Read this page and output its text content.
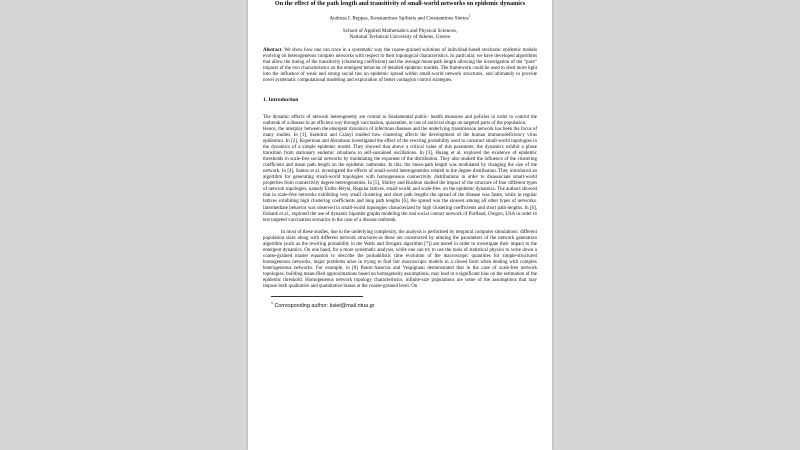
On the effect of the path length and transitivity of small-world networks on epidemic dynamics
Andreas I. Reppas, Konstantinos Spiliotis and Constantinos Siettos$^1$
School of Applied Mathematics and Physical Sciences,
National Technical University of Athens, Greece
Abstract. We show how one can trace in a systematic way the coarse-grained solutions of individual-based stochastic epidemic models evolving on heterogeneous complex networks with respect to their topological characteristics. In particular, we have developed algorithms that allow the tuning of the transitivity (clustering coefficient) and the average mean-path length allowing the investigation of the “pure” impacts of the two characteristics on the emergent behavior of detailed epidemic models. The framework could be used to shed more light into the influence of weak and strong social ties on epidemic spread within small-world network structures, and ultimately to provide novel systematic computational modeling and exploration of better contagion control strategies.
1. Introduction

The dynamic effects of network heterogeneity are central to fundamental public- health measures and policies in order to control the outbreak of a disease in an efficient way through vaccination, quarantine, or use of antiviral drugs on targeted parts of the population.

Hence, the interplay between the emergent dynamics of infectious diseases and the underlying transmission network has been the focus of many studies. In [1], Szendroi and Csányi studied how clustering affects the development of the human immunodeficiency virus epidemics. In [2], Kuperman and Abramson investigated the effect of the rewiring probability used to construct small-world topologies in the dynamics of a simple epidemic model. They showed that above a critical value of this parameter, the dynamics exhibit a phase transition from stationary endemic situations to self-sustained oscillations. In [3], Huang et al. explored the existence of epidemic thresholds in scale-free social networks by modulating the exponent of the distribution. They also studied the influence of the clustering coefficient and mean path length on the epidemic outbreaks. In this, the mean-path length was modulated by changing the size of the network. In [4], Santos et al. investigated the effects of small-world heterogeneities related to the degree distribution. They introduced an algorithm for generating small-world topologies with homogeneous connectivity distributions in order to disassociate small-world properties from connectivity degree heterogeneities. In [5], Shirley and Rushton studied the impact of the structure of four different types of network topologies, namely Erdős–Réyni, Regular lattices, small-world, and scale-free, on the epidemic dynamics. The authors showed that in scale-free networks exhibiting very small clustering and short path lengths the spread of the disease was faster, while in regular lattices exhibiting high clustering coefficients and long path lengths [6], the spread was the slowest among all other types of networks. Intermediate behavior was observed in small-world topologies characterized by high clustering coefficients and short path-lengths. In [6], Eubank et al., explored the use of dynamic bipartite graphs modeling the real social contact network of Portland, Oregon, USA in order to test targeted vaccination scenarios in the case of a disease outbreak.

In most of these studies, due to the underlying complexity, the analysis is performed by temporal computer simulations: different population sizes along with different network structures-as these are constructed by altering the parameters of the network generation algorithm (such as the rewiring probability in the Watts and Strogatz algorithm [7]) are tested in order to investigate their impact to the emergent dynamics. On one hand, for a more systematic analysis, while one can try to use the tools of statistical physics to write down a coarse-grained master equation to describe the probabilistic time evolution of the macroscopic quantities for simple-structured homogeneous networks, major problems arise in trying to find fair macroscopic models in a closed form when dealing with complex heterogeneous networks. For example, in [8] Pastor-Satorras and Vespignani demonstrated that in the case of scale-free network topologies, building mean-filed approximations based on homogeneity assumptions, may lead to a significant bias on the estimation of the epidemic threshold. Homogeneous network topology characteristics, infinite-size populations are some of the assumptions that may impose both qualitative and quantitative biases at the coarse-grained level. On

$^1$ Corresponding author: ksiet@mail.ntua.gr
